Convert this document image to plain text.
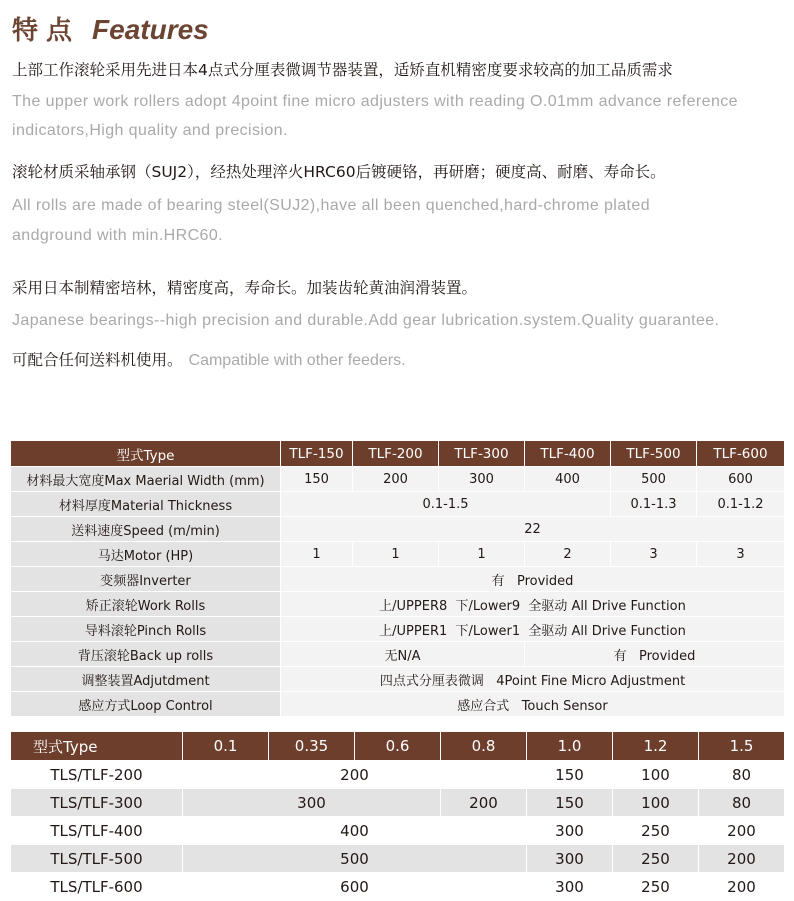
特点 Features
上部工作滚轮采用先进日本4点式分厘表微调节器装置，适矫直机精密度要求较高的加工品质需求
The upper work rollers adopt 4point fine micro adjusters with reading O.01mm advance reference
indicators,High quality and precision.
滚轮材质采轴承钢（SUJ2），经热处理淬火HRC60后镀硬铬，再研磨；硬度高、耐磨、寿命长。
All rolls are made of bearing steel(SUJ2),have all been quenched,hard-chrome plated
andground with min.HRC60.
采用日本制精密培林，精密度高，寿命长。加装齿轮黄油润滑装置。
Japanese bearings--high precision and durable.Add gear lubrication.system.Quality guarantee.
可配合任何送料机使用。 Campatible with other feeders.
型式Type	TLF-150	TLF-200	TLF-300	TLF-400	TLF-500	TLF-600
材料最大宽度Max Maerial Width (mm)	150	200	300	400	500	600
材料厚度Material Thickness	0.1-1.5				0.1-1.3	0.1-1.2
送料速度Speed (m/min)	22					
马达Motor (HP)	1	1	1	2	3	3
变频器Inverter	有   Provided					
矫正滚轮Work Rolls	上/UPPER8  下/Lower9  全驱动 All Drive Function					
导料滚轮Pinch Rolls	上/UPPER1  下/Lower1  全驱动 All Drive Function					
背压滚轮Back up rolls	无N/A			有   Provided		
调整装置Adjutdment	四点式分厘表微调   4Point Fine Micro Adjustment					
感应方式Loop Control	感应合式   Touch Sensor					
型式Type	0.1	0.35	0.6	0.8	1.0	1.2	1.5
TLS/TLF-200	200				150	100	80
TLS/TLF-300	300			200	150	100	80
TLS/TLF-400	400				300	250	200
TLS/TLF-500	500				300	250	200
TLS/TLF-600	600				300	250	200
